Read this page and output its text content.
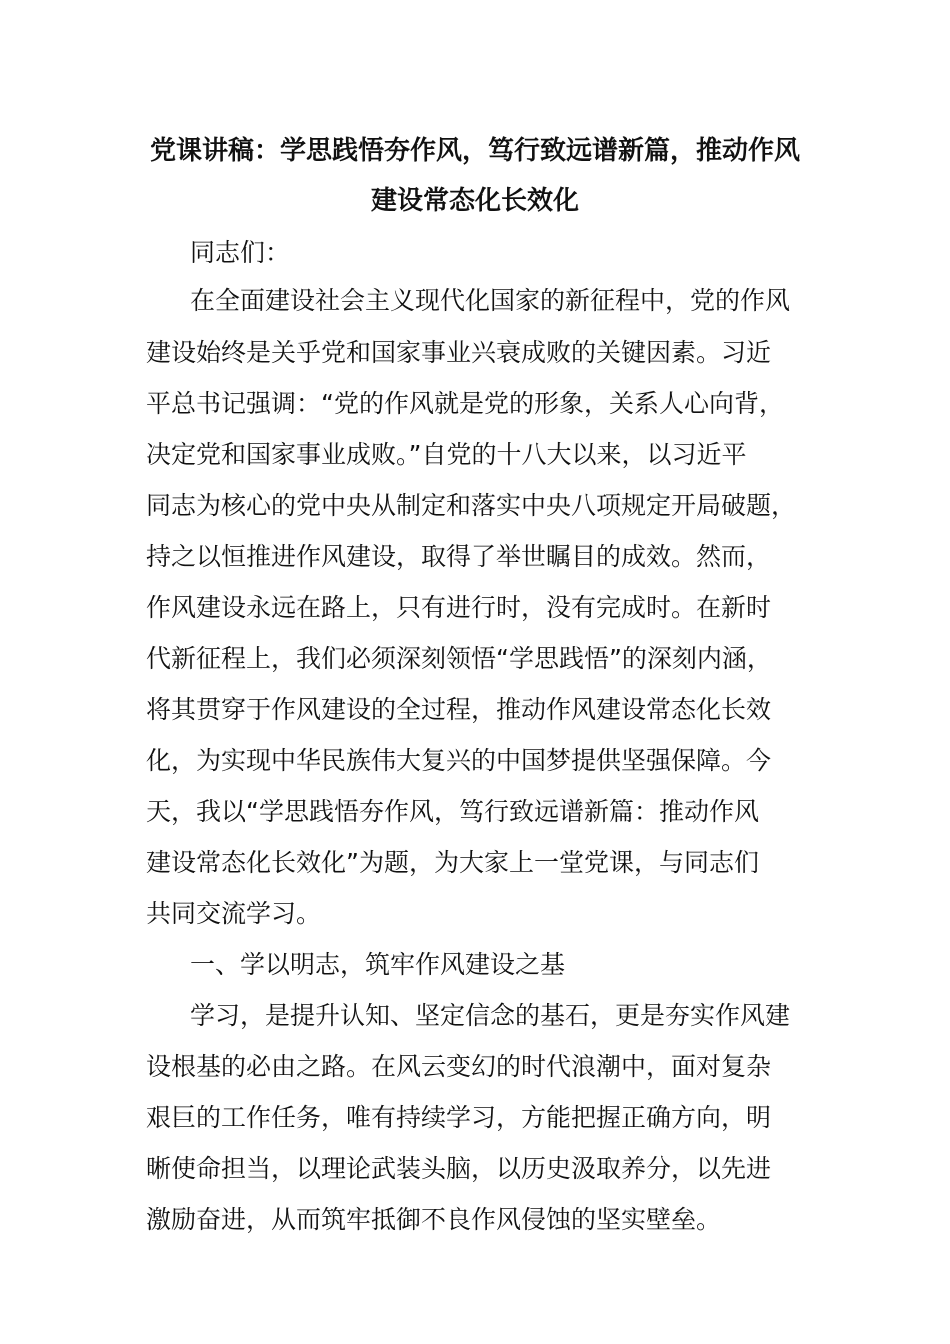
党课讲稿：学思践悟夯作风，笃行致远谱新篇，推动作风
建设常态化长效化
同志们：
在全面建设社会主义现代化国家的新征程中，党的作风
建设始终是关乎党和国家事业兴衰成败的关键因素。习近
平总书记强调：“党的作风就是党的形象，关系人心向背，
决定党和国家事业成败。”自党的十八大以来，以习近平
同志为核心的党中央从制定和落实中央八项规定开局破题，
持之以恒推进作风建设，取得了举世瞩目的成效。然而，
作风建设永远在路上，只有进行时，没有完成时。在新时
代新征程上，我们必须深刻领悟“学思践悟”的深刻内涵，
将其贯穿于作风建设的全过程，推动作风建设常态化长效
化，为实现中华民族伟大复兴的中国梦提供坚强保障。今
天，我以“学思践悟夯作风，笃行致远谱新篇：推动作风
建设常态化长效化”为题，为大家上一堂党课，与同志们
共同交流学习。
一、学以明志，筑牢作风建设之基
学习，是提升认知、坚定信念的基石，更是夯实作风建
设根基的必由之路。在风云变幻的时代浪潮中，面对复杂
艰巨的工作任务，唯有持续学习，方能把握正确方向，明
晰使命担当，以理论武装头脑，以历史汲取养分，以先进
激励奋进，从而筑牢抵御不良作风侵蚀的坚实壁垒。
